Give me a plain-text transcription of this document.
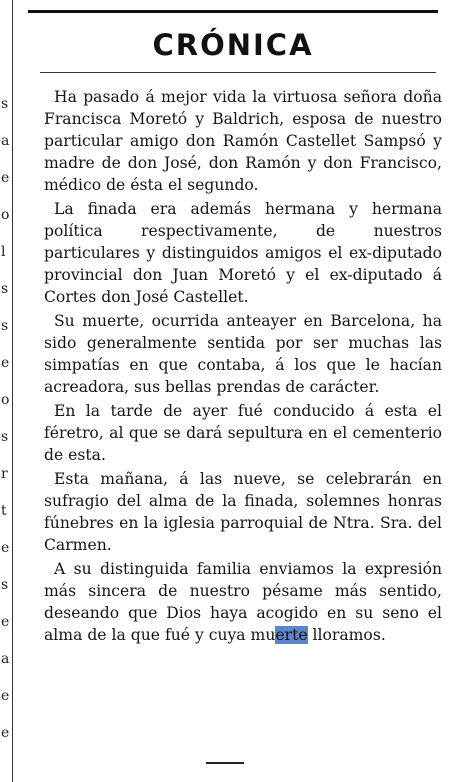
s
a
e
o
l
s
s
e
o
s
r
t
e
s
e
a
e
e
CRÓNICA

Ha pasado á mejor vida la virtuosa señora doña Francisca Moretó y Baldrich, esposa de nuestro particular amigo don Ramón Castellet Sampsó y madre de don José, don Ramón y don Francisco, médico de ésta el segundo.

La finada era además hermana y hermana política respectivamente, de nuestros particulares y distinguidos amigos el ex-diputado provincial don Juan Moretó y el ex-diputado á Cortes don José Castellet.

Su muerte, ocurrida anteayer en Barcelona, ha sido generalmente sentida por ser muchas las simpatías en que contaba, á los que le hacían acreadora, sus bellas prendas de carácter.

En la tarde de ayer fué conducido á esta el féretro, al que se dará sepultura en el cementerio de esta.

Esta mañana, á las nueve, se celebrarán en sufragio del alma de la finada, solemnes honras fúnebres en la iglesia parroquial de Ntra. Sra. del Carmen.

A su distinguida familia enviamos la expresión más sincera de nuestro pésame más sentido, deseando que Dios haya acogido en su seno el alma de la que fué y cuya muerte lloramos.
